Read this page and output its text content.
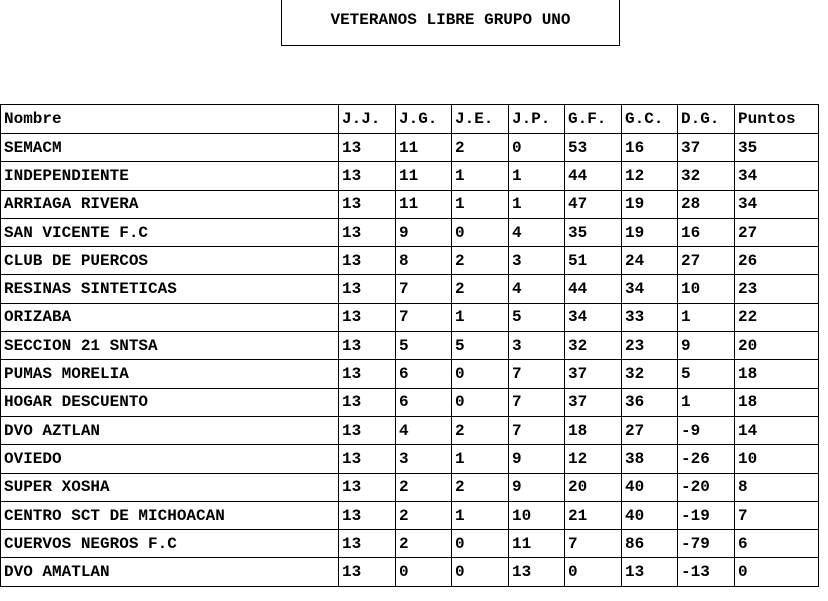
VETERANOS LIBRE GRUPO UNO
Nombre	J.J.	J.G.	J.E.	J.P.	G.F.	G.C.	D.G.	Puntos
SEMACM	13	11	2	0	53	16	37	35
INDEPENDIENTE	13	11	1	1	44	12	32	34
ARRIAGA RIVERA	13	11	1	1	47	19	28	34
SAN VICENTE F.C	13	9	0	4	35	19	16	27
CLUB DE PUERCOS	13	8	2	3	51	24	27	26
RESINAS SINTETICAS	13	7	2	4	44	34	10	23
ORIZABA	13	7	1	5	34	33	1	22
SECCION 21 SNTSA	13	5	5	3	32	23	9	20
PUMAS MORELIA	13	6	0	7	37	32	5	18
HOGAR DESCUENTO	13	6	0	7	37	36	1	18
DVO AZTLAN	13	4	2	7	18	27	-9	14
OVIEDO	13	3	1	9	12	38	-26	10
SUPER XOSHA	13	2	2	9	20	40	-20	8
CENTRO SCT DE MICHOACAN	13	2	1	10	21	40	-19	7
CUERVOS NEGROS F.C	13	2	0	11	7	86	-79	6
DVO AMATLAN	13	0	0	13	0	13	-13	0
